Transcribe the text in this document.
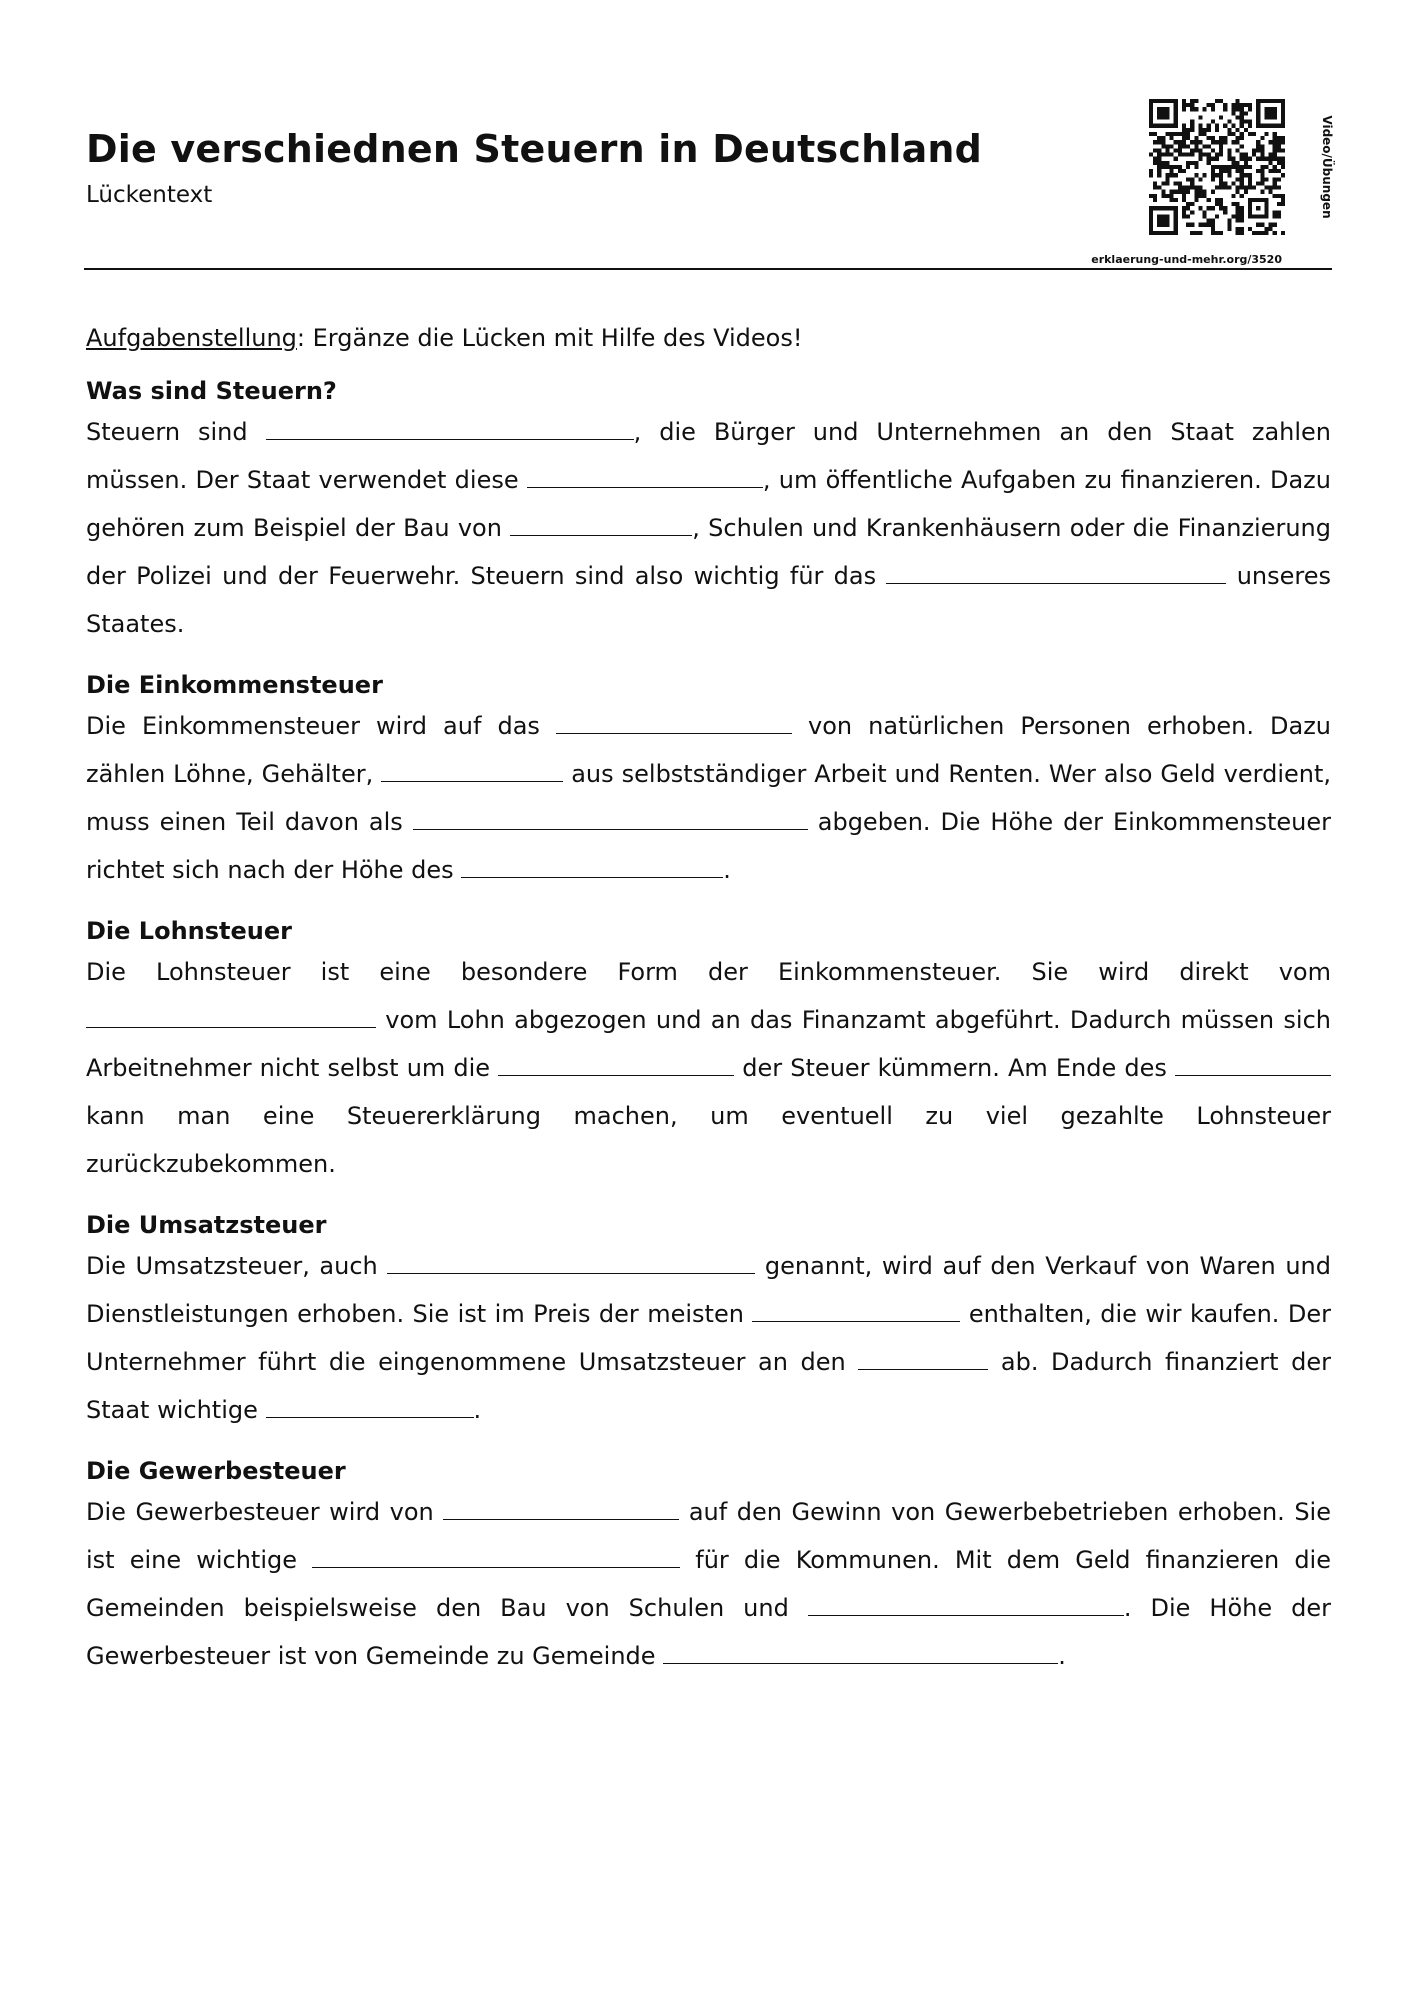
Die verschiednen Steuern in Deutschland
Lückentext	Video/Übungen
erklaerung-und-mehr.org/3520

Aufgabenstellung: Ergänze die Lücken mit Hilfe des Videos!

Was sind Steuern?

Steuern sind	, die Bürger und Unternehmen an den Staat zahlen müssen. Der Staat verwendet diese	, um öffentliche Aufgaben zu finanzieren. Dazu gehören zum Beispiel der Bau von	, Schulen und Krankenhäusern oder die Finanzierung der Polizei und der Feuerwehr. Steuern sind also wichtig für das	unseres Staates.

Die Einkommensteuer

Die Einkommensteuer wird auf das	von natürlichen Personen erhoben. Dazu zählen Löhne, Gehälter,	aus selbstständiger Arbeit und Renten. Wer also Geld verdient, muss einen Teil davon als	abgeben. Die Höhe der Einkommensteuer richtet sich nach der Höhe des	.

Die Lohnsteuer

Die Lohnsteuer ist eine besondere Form der Einkommensteuer. Sie wird direkt vom  vom Lohn abgezogen und an das Finanzamt abgeführt. Dadurch müssen sich Arbeitnehmer nicht selbst um die	der Steuer kümmern. Am Ende des  kann man eine Steuererklärung machen, um eventuell zu viel gezahlte Lohnsteuer zurückzubekommen.

Die Umsatzsteuer

Die Umsatzsteuer, auch	genannt, wird auf den Verkauf von Waren und Dienstleistungen erhoben. Sie ist im Preis der meisten	enthalten, die wir kaufen. Der Unternehmer führt die eingenommene Umsatzsteuer an den	ab. Dadurch finanziert der Staat wichtige	.

Die Gewerbesteuer

Die Gewerbesteuer wird von	auf den Gewinn von Gewerbebetrieben erhoben. Sie ist eine wichtige	für die Kommunen. Mit dem Geld finanzieren die Gemeinden beispielsweise den Bau von Schulen und	. Die Höhe der Gewerbesteuer ist von Gemeinde zu Gemeinde	.
